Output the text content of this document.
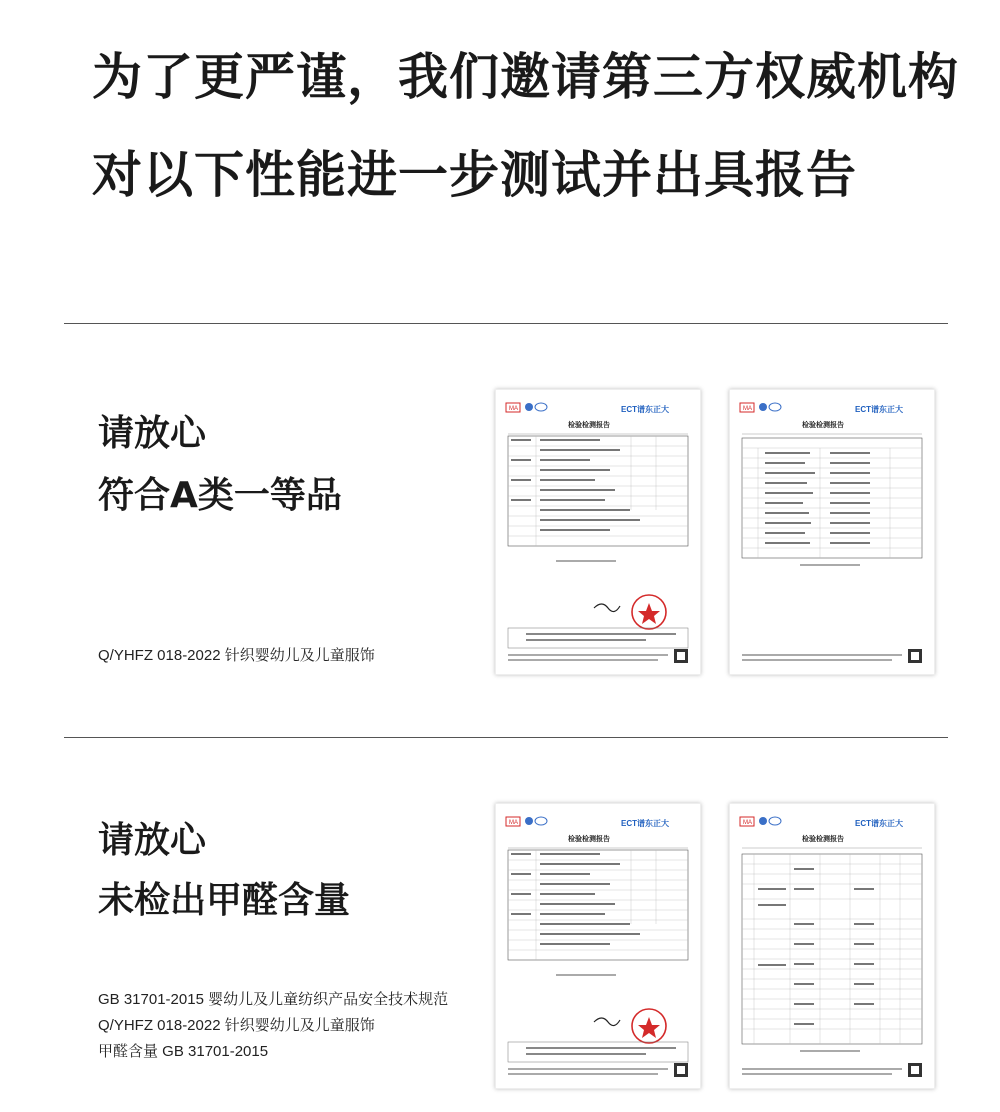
为了更严谨，我们邀请第三方权威机构
对以下性能进一步测试并出具报告
请放心
符合A类一等品
Q/YHFZ 018-2022 针织婴幼儿及儿童服饰
MA	ECT谱东正大
检验检测报告
MA	ECT谱东正大
检验检测报告
请放心
未检出甲醛含量
GB 31701-2015 婴幼儿及儿童纺织产品安全技术规范
Q/YHFZ 018-2022 针织婴幼儿及儿童服饰
甲醛含量 GB 31701-2015
MA	ECT谱东正大
检验检测报告
MA	ECT谱东正大
检验检测报告
